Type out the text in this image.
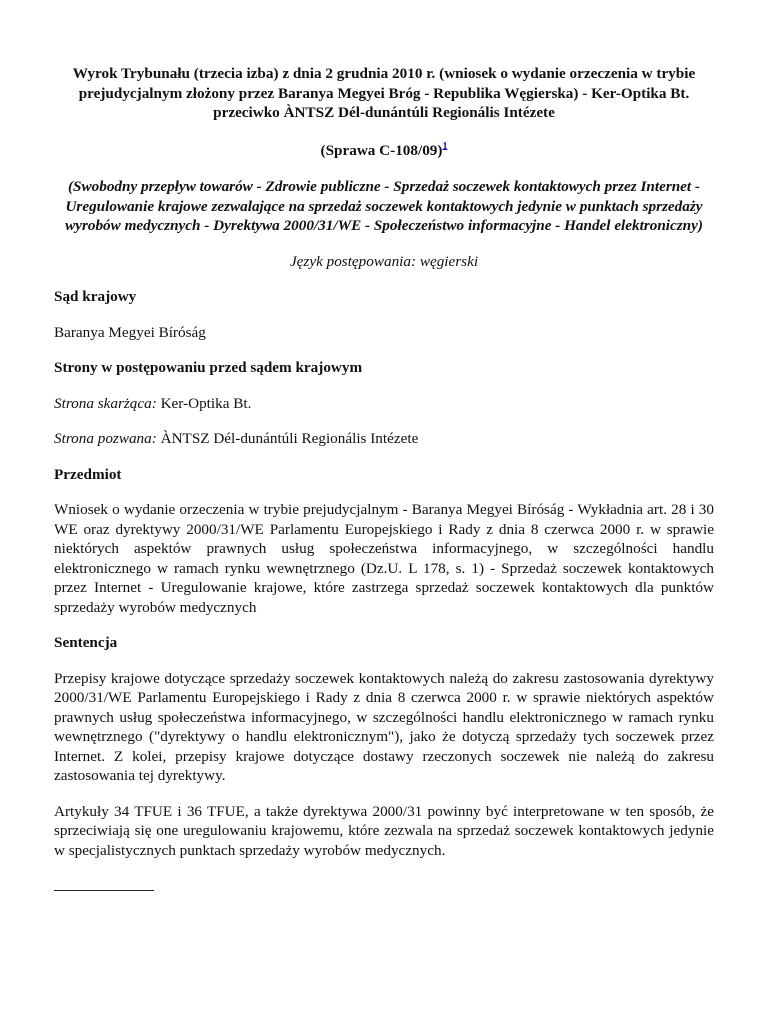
Wyrok Trybunału (trzecia izba) z dnia 2 grudnia 2010 r. (wniosek o wydanie orzeczenia w trybie prejudycjalnym złożony przez Baranya Megyei Bróg - Republika Węgierska) - Ker-Optika Bt. przeciwko ÀNTSZ Dél-dunántúli Regionális Intézete

(Sprawa C-108/09)$^1$

(Swobodny przepływ towarów - Zdrowie publiczne - Sprzedaż soczewek kontaktowych przez Internet - Uregulowanie krajowe zezwalające na sprzedaż soczewek kontaktowych jedynie w punktach sprzedaży wyrobów medycznych - Dyrektywa 2000/31/WE - Społeczeństwo informacyjne - Handel elektroniczny)

Język postępowania: węgierski

Sąd krajowy

Baranya Megyei Bíróság

Strony w postępowaniu przed sądem krajowym

Strona skarżąca: Ker-Optika Bt.

Strona pozwana: ÀNTSZ Dél-dunántúli Regionális Intézete

Przedmiot

Wniosek o wydanie orzeczenia w trybie prejudycjalnym - Baranya Megyei Bíróság - Wykładnia art. 28 i 30 WE oraz dyrektywy 2000/31/WE Parlamentu Europejskiego i Rady z dnia 8 czerwca 2000 r. w sprawie niektórych aspektów prawnych usług społeczeństwa informacyjnego, w szczególności handlu elektronicznego w ramach rynku wewnętrznego (Dz.U. L 178, s. 1) - Sprzedaż soczewek kontaktowych przez Internet - Uregulowanie krajowe, które zastrzega sprzedaż soczewek kontaktowych dla punktów sprzedaży wyrobów medycznych

Sentencja

Przepisy krajowe dotyczące sprzedaży soczewek kontaktowych należą do zakresu zastosowania dyrektywy 2000/31/WE Parlamentu Europejskiego i Rady z dnia 8 czerwca 2000 r. w sprawie niektórych aspektów prawnych usług społeczeństwa informacyjnego, w szczególności handlu elektronicznego w ramach rynku wewnętrznego ("dyrektywy o handlu elektronicznym"), jako że dotyczą sprzedaży tych soczewek przez Internet. Z kolei, przepisy krajowe dotyczące dostawy rzeczonych soczewek nie należą do zakresu zastosowania tej dyrektywy.

Artykuły 34 TFUE i 36 TFUE, a także dyrektywa 2000/31 powinny być interpretowane w ten sposób, że sprzeciwiają się one uregulowaniu krajowemu, które zezwala na sprzedaż soczewek kontaktowych jedynie w specjalistycznych punktach sprzedaży wyrobów medycznych.
